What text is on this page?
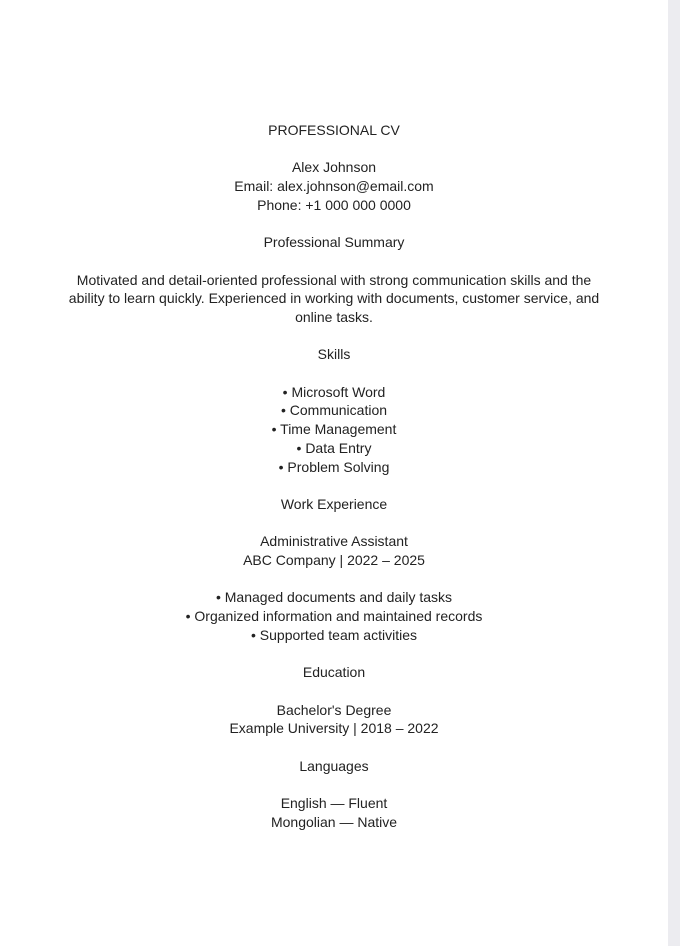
PROFESSIONAL CV
Alex Johnson
Email: alex.johnson@email.com
Phone: +1 000 000 0000
Professional Summary
Motivated and detail-oriented professional with strong communication skills and the ability to learn quickly. Experienced in working with documents, customer service, and online tasks.
Skills
• Microsoft Word
• Communication
• Time Management
• Data Entry
• Problem Solving
Work Experience
Administrative Assistant
ABC Company | 2022 – 2025
• Managed documents and daily tasks
• Organized information and maintained records
• Supported team activities
Education
Bachelor's Degree
Example University | 2018 – 2022
Languages
English — Fluent
Mongolian — Native
